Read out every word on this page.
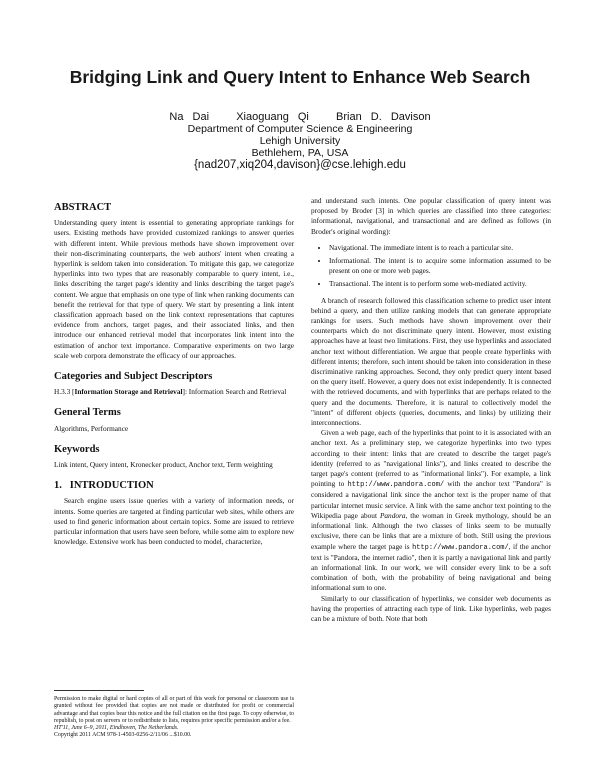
Bridging Link and Query Intent to Enhance Web Search
Na Dai   Xiaoguang Qi   Brian D. Davison
Department of Computer Science & Engineering
Lehigh University
Bethlehem, PA, USA
{nad207,xiq204,davison}@cse.lehigh.edu
ABSTRACT

Understanding query intent is essential to generating appropriate rankings for users. Existing methods have provided customized rankings to answer queries with different intent. While previous methods have shown improvement over their non-discriminating counterparts, the web authors' intent when creating a hyperlink is seldom taken into consideration. To mitigate this gap, we categorize hyperlinks into two types that are reasonably comparable to query intent, i.e., links describing the target page's identity and links describing the target page's content. We argue that emphasis on one type of link when ranking documents can benefit the retrieval for that type of query. We start by presenting a link intent classification approach based on the link context representations that captures evidence from anchors, target pages, and their associated links, and then introduce our enhanced retrieval model that incorporates link intent into the estimation of anchor text importance. Comparative experiments on two large scale web corpora demonstrate the efficacy of our approaches.

Categories and Subject Descriptors

H.3.3 [Information Storage and Retrieval]: Information Search and Retrieval

General Terms

Algorithms, Performance

Keywords

Link intent, Query intent, Kronecker product, Anchor text, Term weighting

1.   INTRODUCTION

Search engine users issue queries with a variety of information needs, or intents. Some queries are targeted at finding particular web sites, while others are used to find generic information about certain topics. Some are issued to retrieve particular information that users have seen before, while some aim to explore new knowledge. Extensive work has been conducted to model, characterize,

Permission to make digital or hard copies of all or part of this work for personal or classroom use is granted without fee provided that copies are not made or distributed for profit or commercial advantage and that copies bear this notice and the full citation on the first page. To copy otherwise, to republish, to post on servers or to redistribute to lists, requires prior specific permission and/or a fee.

HT'11, June 6–9, 2011, Eindhoven, The Netherlands.

Copyright 2011 ACM 978-1-4503-0256-2/11/06 ...$10.00.

and understand such intents. One popular classification of query intent was proposed by Broder [3] in which queries are classified into three categories: informational, navigational, and transactional and are defined as follows (in Broder's original wording):

• Navigational. The immediate intent is to reach a particular site.
• Informational. The intent is to acquire some information assumed to be present on one or more web pages.
• Transactional. The intent is to perform some web-mediated activity.

A branch of research followed this classification scheme to predict user intent behind a query, and then utilize ranking models that can generate appropriate rankings for users. Such methods have shown improvement over their counterparts which do not discriminate query intent. However, most existing approaches have at least two limitations. First, they use hyperlinks and associated anchor text without differentiation. We argue that people create hyperlinks with different intents; therefore, such intent should be taken into consideration in these discriminative ranking approaches. Second, they only predict query intent based on the query itself. However, a query does not exist independently. It is connected with the retrieved documents, and with hyperlinks that are perhaps related to the query and the documents. Therefore, it is natural to collectively model the "intent" of different objects (queries, documents, and links) by utilizing their interconnections.

Given a web page, each of the hyperlinks that point to it is associated with an anchor text. As a preliminary step, we categorize hyperlinks into two types according to their intent: links that are created to describe the target page's identity (referred to as "navigational links"), and links created to describe the target page's content (referred to as "informational links"). For example, a link pointing to http://www.pandora.com/ with the anchor text "Pandora" is considered a navigational link since the anchor text is the proper name of that particular internet music service. A link with the same anchor text pointing to the Wikipedia page about Pandora, the woman in Greek mythology, should be an informational link. Although the two classes of links seem to be mutually exclusive, there can be links that are a mixture of both. Still using the previous example where the target page is http://www.pandora.com/, if the anchor text is "Pandora, the internet radio", then it is partly a navigational link and partly an informational link. In our work, we will consider every link to be a soft combination of both, with the probability of being navigational and being informational sum to one.

Similarly to our classification of hyperlinks, we consider web documents as having the properties of attracting each type of link. Like hyperlinks, web pages can be a mixture of both. Note that both
